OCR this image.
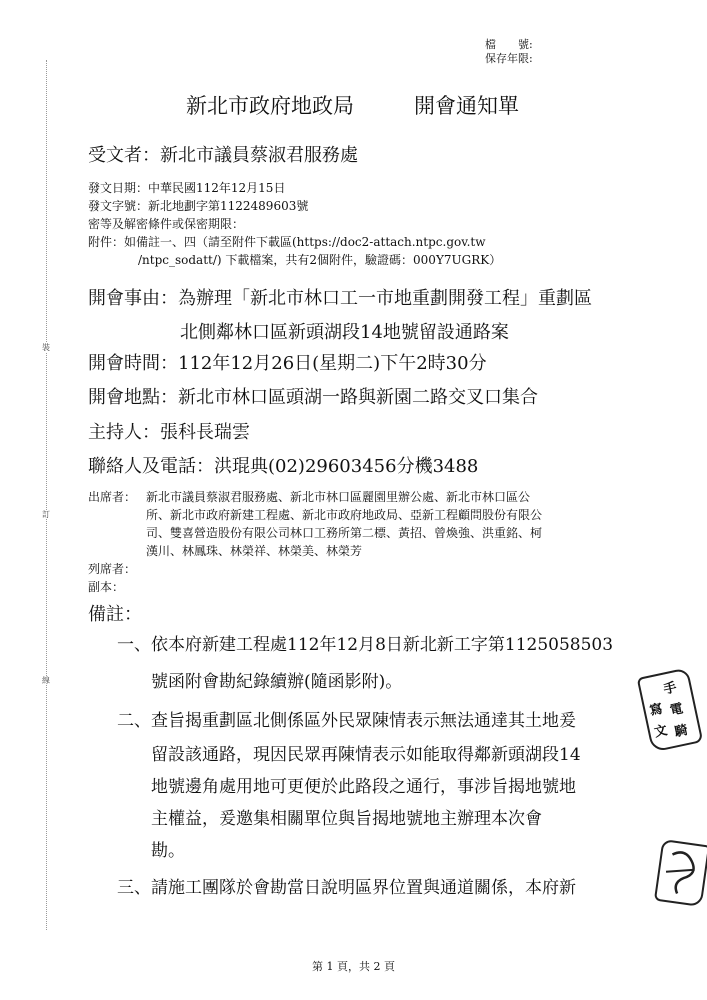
裝
訂
線
檔　　號:
保存年限:
新北市政府地政局	開會通知單
受文者：新北市議員蔡淑君服務處
發文日期：中華民國112年12月15日
發文字號：新北地劃字第1122489603號
密等及解密條件或保密期限：
附件：如備註一、四（請至附件下載區(https://doc2-attach.ntpc.gov.tw
/ntpc_sodatt/) 下載檔案，共有2個附件，驗證碼：000Y7UGRK）
開會事由：為辦理「新北市林口工一市地重劃開發工程」重劃區
北側鄰林口區新頭湖段14地號留設通路案
開會時間：112年12月26日(星期二)下午2時30分
開會地點：新北市林口區頭湖一路與新園二路交叉口集合
主持人：張科長瑞雲
聯絡人及電話：洪琨典(02)29603456分機3488
出席者： 新北市議員蔡淑君服務處、新北市林口區麗園里辦公處、新北市林口區公
所、新北市政府新建工程處、新北市政府地政局、亞新工程顧問股份有限公
司、雙喜營造股份有限公司林口工務所第二標、黃招、曾煥強、洪重銘、柯
漢川、林鳳珠、林榮祥、林榮美、林榮芳
列席者：
副本：
備註：
一、依本府新建工程處112年12月8日新北新工字第1125058503
號函附會勘紀錄續辦(隨函影附)。
二、查旨揭重劃區北側係區外民眾陳情表示無法通達其土地爰
留設該通路，現因民眾再陳情表示如能取得鄰新頭湖段14
地號邊角處用地可更便於此路段之通行，事涉旨揭地號地
主權益，爰邀集相關單位與旨揭地號地主辦理本次會
勘。
三、請施工團隊於會勘當日說明區界位置與通道關係，本府新
手
寫 電
文 騎
第 1 頁，共 2 頁
